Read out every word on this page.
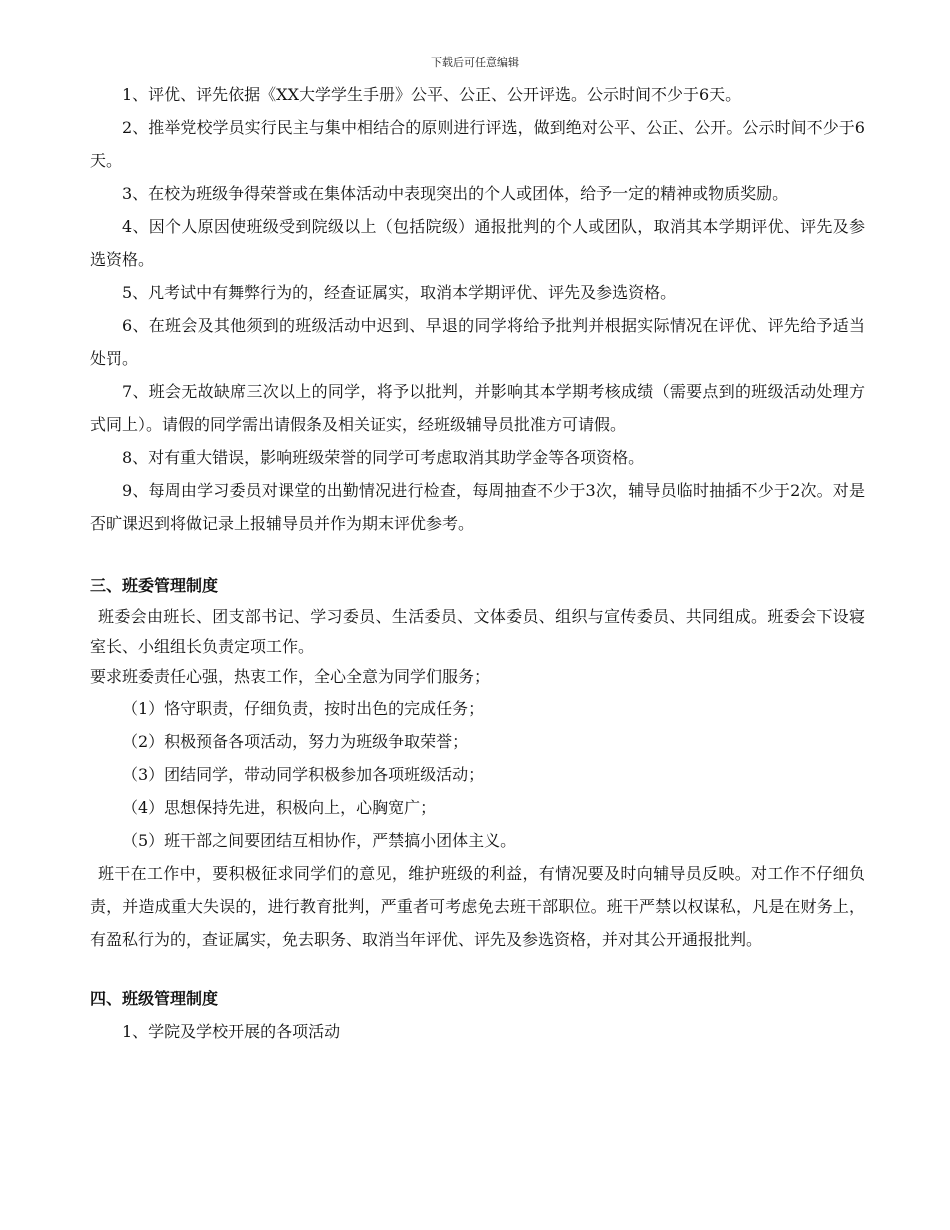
下载后可任意编辑

1、评优、评先依据《XX大学学生手册》公平、公正、公开评选。公示时间不少于6天。

2、推举党校学员实行民主与集中相结合的原则进行评选，做到绝对公平、公正、公开。公示时间不少于6天。

3、在校为班级争得荣誉或在集体活动中表现突出的个人或团体，给予一定的精神或物质奖励。

4、因个人原因使班级受到院级以上（包括院级）通报批判的个人或团队，取消其本学期评优、评先及参选资格。

5、凡考试中有舞弊行为的，经查证属实，取消本学期评优、评先及参选资格。

6、在班会及其他须到的班级活动中迟到、早退的同学将给予批判并根据实际情况在评优、评先给予适当处罚。

7、班会无故缺席三次以上的同学，将予以批判，并影响其本学期考核成绩（需要点到的班级活动处理方式同上）。请假的同学需出请假条及相关证实，经班级辅导员批准方可请假。

8、对有重大错误，影响班级荣誉的同学可考虑取消其助学金等各项资格。

9、每周由学习委员对课堂的出勤情况进行检查，每周抽查不少于3次，辅导员临时抽插不少于2次。对是否旷课迟到将做记录上报辅导员并作为期末评优参考。

三、班委管理制度

班委会由班长、团支部书记、学习委员、生活委员、文体委员、组织与宣传委员、共同组成。班委会下设寝室长、小组组长负责定项工作。

要求班委责任心强，热衷工作，全心全意为同学们服务；

（1）恪守职责，仔细负责，按时出色的完成任务；

（2）积极预备各项活动，努力为班级争取荣誉；

（3）团结同学，带动同学积极参加各项班级活动；

（4）思想保持先进，积极向上，心胸宽广；

（5）班干部之间要团结互相协作，严禁搞小团体主义。

班干在工作中，要积极征求同学们的意见，维护班级的利益，有情况要及时向辅导员反映。对工作不仔细负责，并造成重大失误的，进行教育批判，严重者可考虑免去班干部职位。班干严禁以权谋私，凡是在财务上，有盈私行为的，查证属实，免去职务、取消当年评优、评先及参选资格，并对其公开通报批判。

四、班级管理制度

1、学院及学校开展的各项活动
